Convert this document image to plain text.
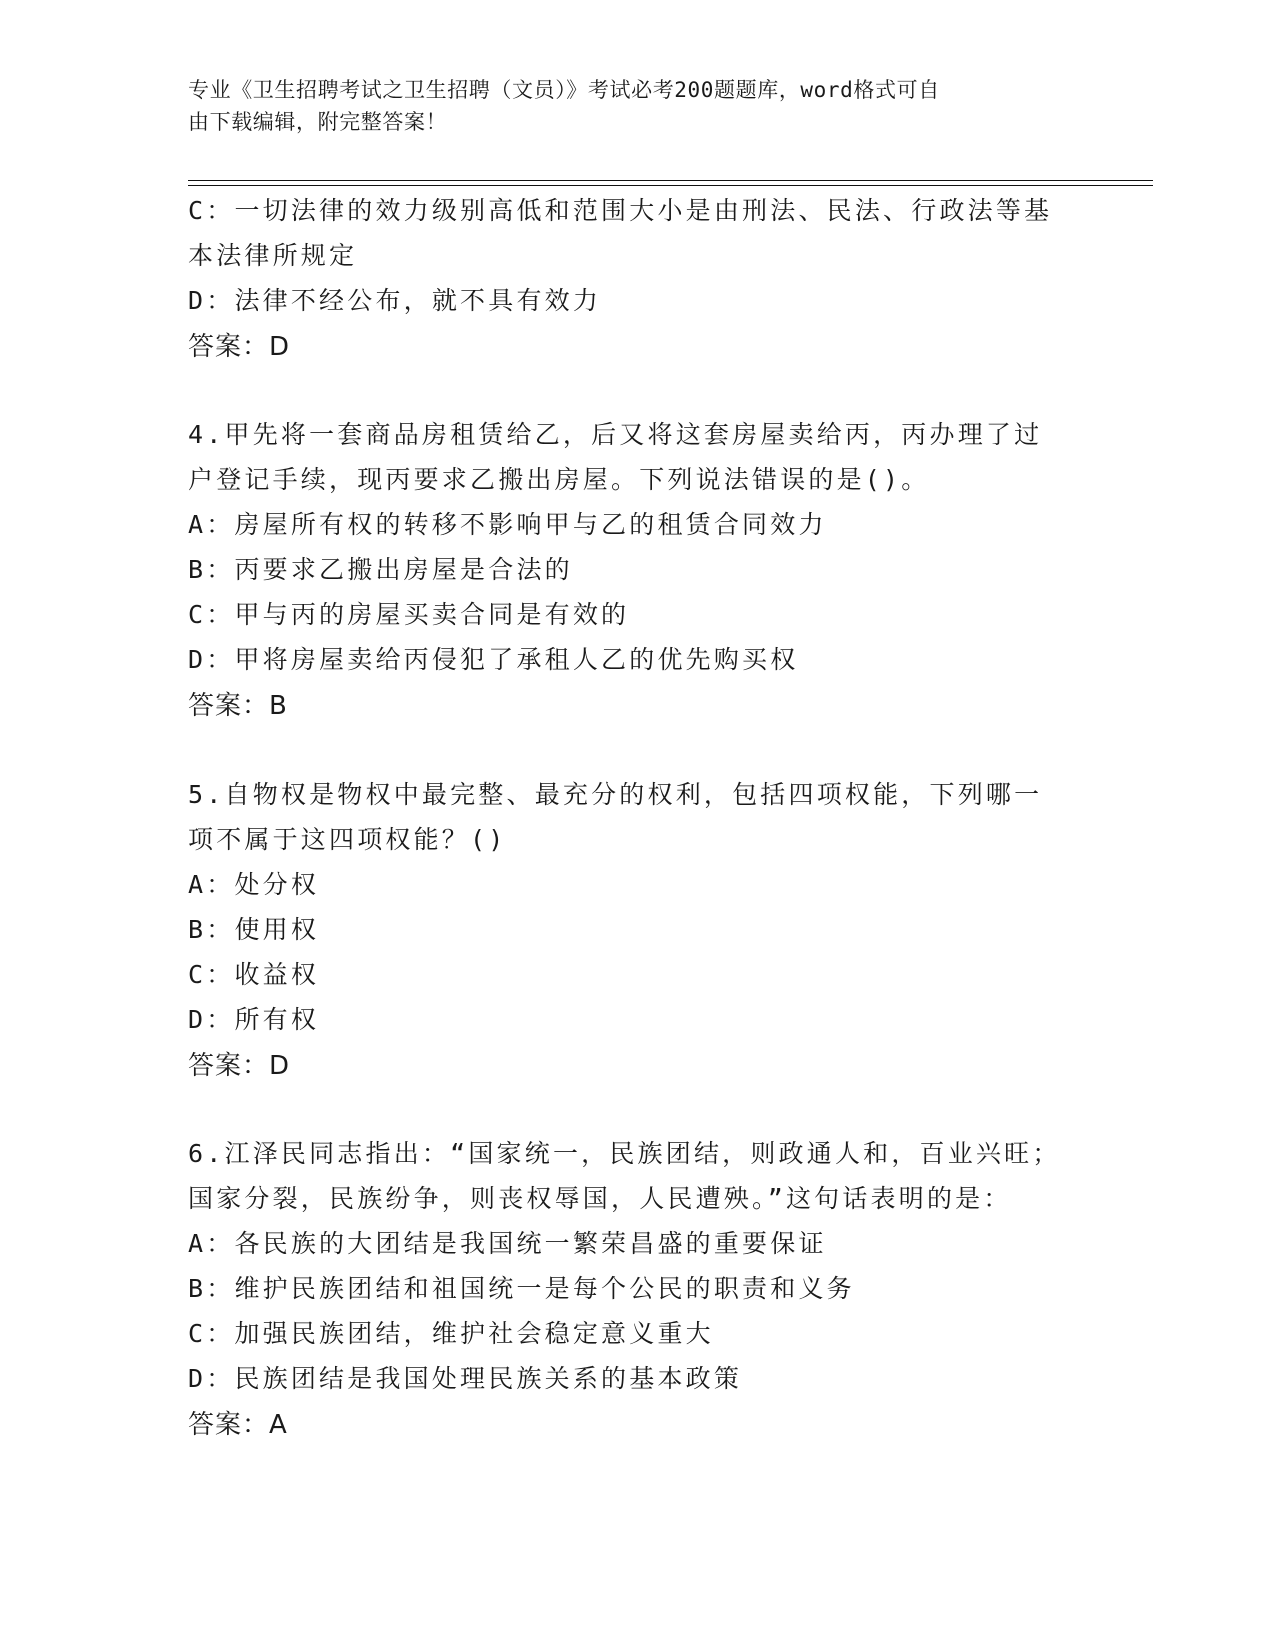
专业《卫生招聘考试之卫生招聘（文员）》考试必考200题题库，word格式可自
由下载编辑，附完整答案！
C：一切法律的效力级别高低和范围大小是由刑法、民法、行政法等基
本法律所规定
D：法律不经公布，就不具有效力
答案：D
4.甲先将一套商品房租赁给乙，后又将这套房屋卖给丙，丙办理了过
户登记手续，现丙要求乙搬出房屋。下列说法错误的是()。
A：房屋所有权的转移不影响甲与乙的租赁合同效力
B：丙要求乙搬出房屋是合法的
C：甲与丙的房屋买卖合同是有效的
D：甲将房屋卖给丙侵犯了承租人乙的优先购买权
答案：B
5.自物权是物权中最完整、最充分的权利，包括四项权能，下列哪一
项不属于这四项权能？()
A：处分权
B：使用权
C：收益权
D：所有权
答案：D
6.江泽民同志指出：“国家统一，民族团结，则政通人和，百业兴旺；
国家分裂，民族纷争，则丧权辱国，人民遭殃。”这句话表明的是：
A：各民族的大团结是我国统一繁荣昌盛的重要保证
B：维护民族团结和祖国统一是每个公民的职责和义务
C：加强民族团结，维护社会稳定意义重大
D：民族团结是我国处理民族关系的基本政策
答案：A
